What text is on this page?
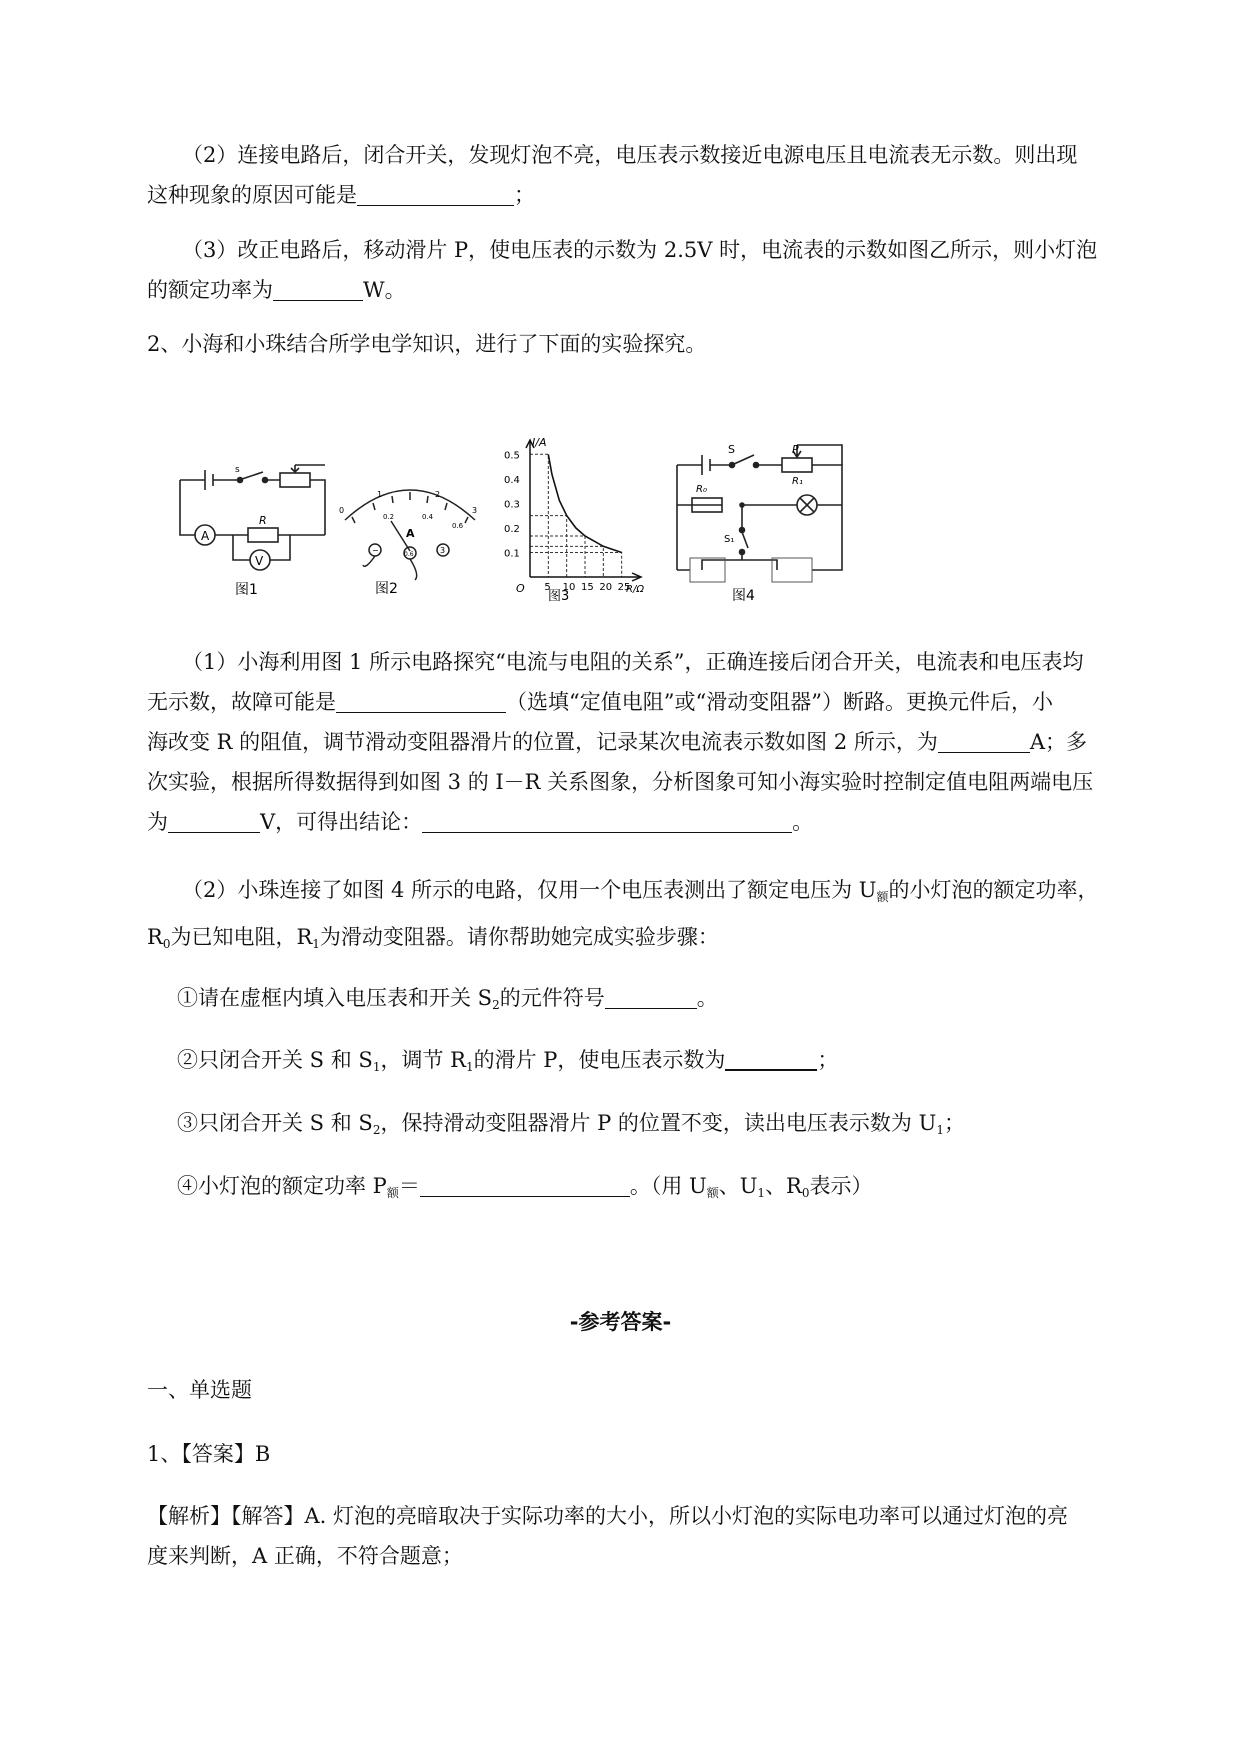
（2）连接电路后，闭合开关，发现灯泡不亮，电压表示数接近电源电压且电流表无示数。则出现
这种现象的原因可能是	；
（3）改正电路后，移动滑片 P，使电压表的示数为 2.5V 时，电流表的示数如图乙所示，则小灯泡
的额定功率为	W。
2、小海和小珠结合所学电学知识，进行了下面的实验探究。
A
V
R
s
图1
0
1	2
3
0.2	0.4
0.6
A
−	0.6	3
图2	5 10 15 20 25
0.1
0.2
0.3
0.4
0.5
I/A
R/Ω
O
图3
S	P
R₁
R₀
S₁
图4
（1）小海利用图 1 所示电路探究“电流与电阻的关系”，正确连接后闭合开关，电流表和电压表均
无示数，故障可能是	（选填“定值电阻”或“滑动变阻器”）断路。更换元件后，小
海改变 R 的阻值，调节滑动变阻器滑片的位置，记录某次电流表示数如图 2 所示，为	A；多
次实验，根据所得数据得到如图 3 的 I－R 关系图象，分析图象可知小海实验时控制定值电阻两端电压
为	V，可得出结论：	。
（2）小珠连接了如图 4 所示的电路，仅用一个电压表测出了额定电压为 $U_额$的小灯泡的额定功率，
$R_0$为已知电阻，$R_1$为滑动变阻器。请你帮助她完成实验步骤：
①请在虚框内填入电压表和开关 $S_2$的元件符号	。
②只闭合开关 S 和 $S_1$，调节 $R_1$的滑片 P，使电压表示数为	；
③只闭合开关 S 和 $S_2$，保持滑动变阻器滑片 P 的位置不变，读出电压表示数为 $U_1$；
④小灯泡的额定功率 $P_额=$	。（用 $U_额$、$U_1$、$R_0$表示）
-参考答案-
一、单选题
1、【答案】B
【解析】【解答】A. 灯泡的亮暗取决于实际功率的大小，所以小灯泡的实际电功率可以通过灯泡的亮
度来判断，A 正确，不符合题意；
